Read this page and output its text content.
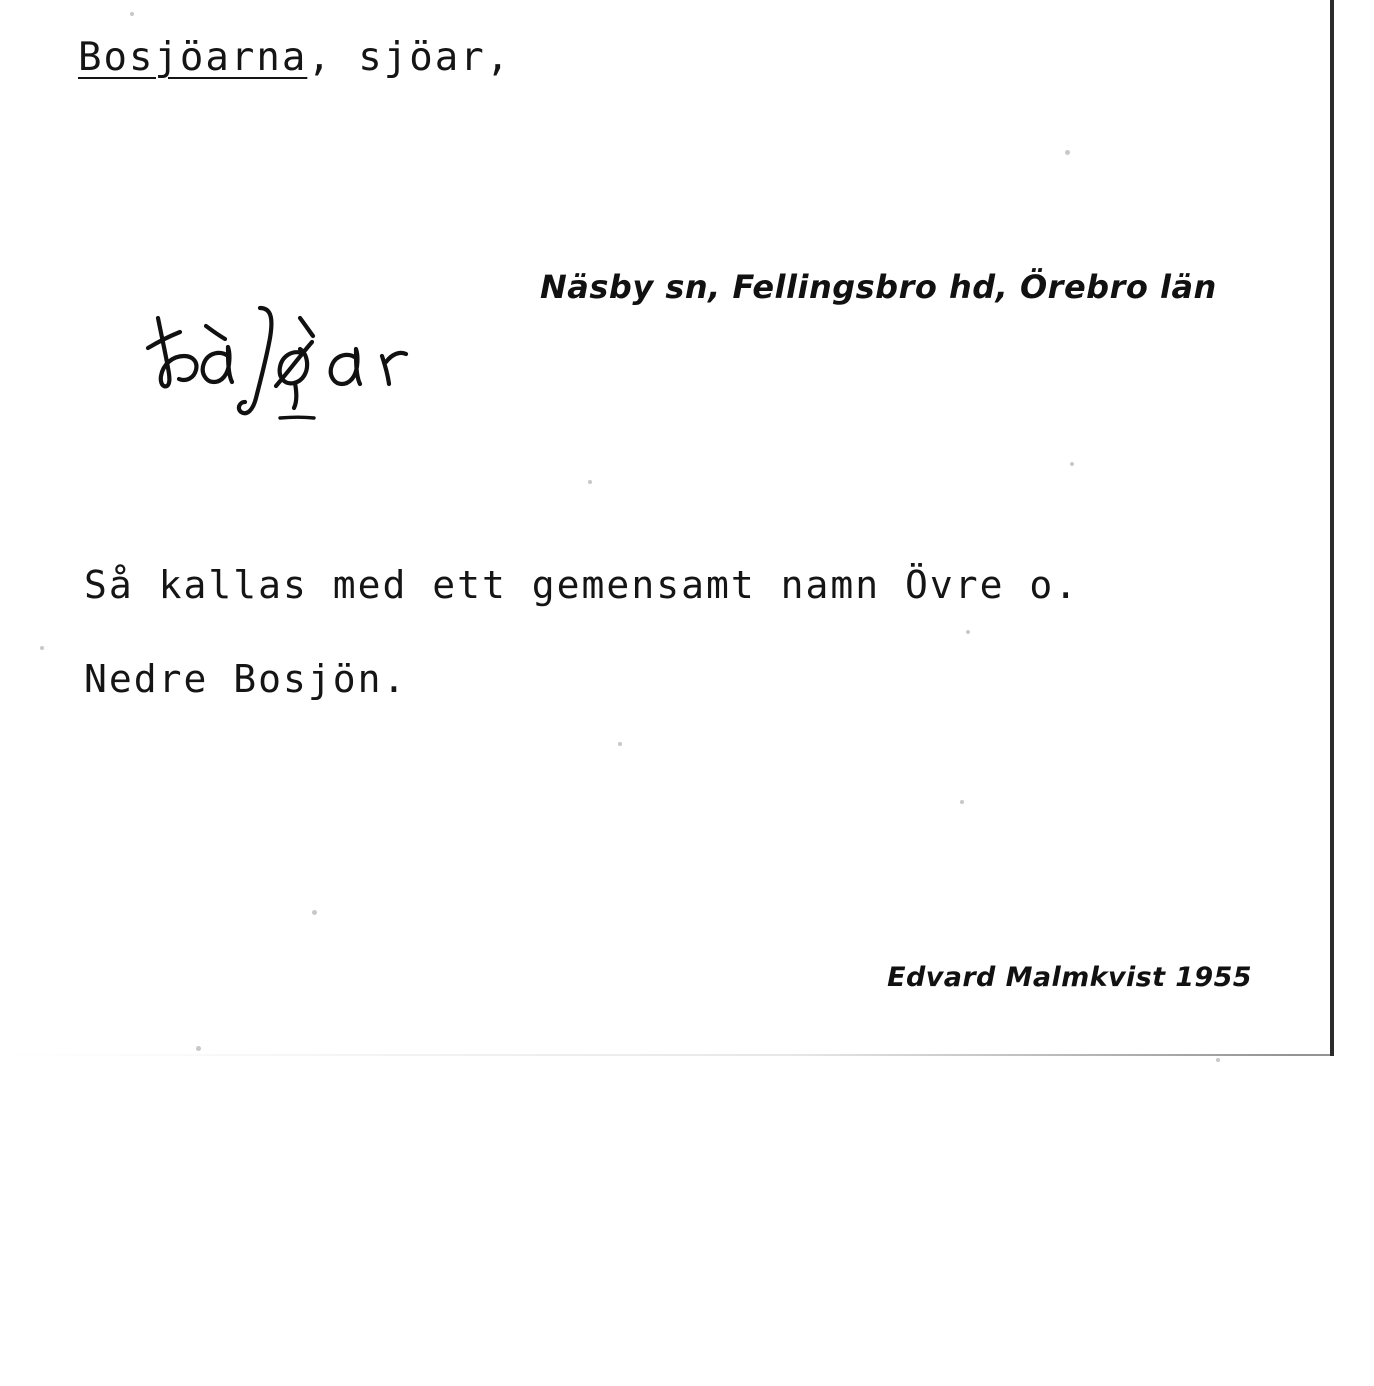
Bosjöarna, sjöar,
Näsby sn, Fellingsbro hd, Örebro län
Så kallas med ett gemensamt namn Övre o.
Nedre Bosjön.
Edvard Malmkvist 1955
